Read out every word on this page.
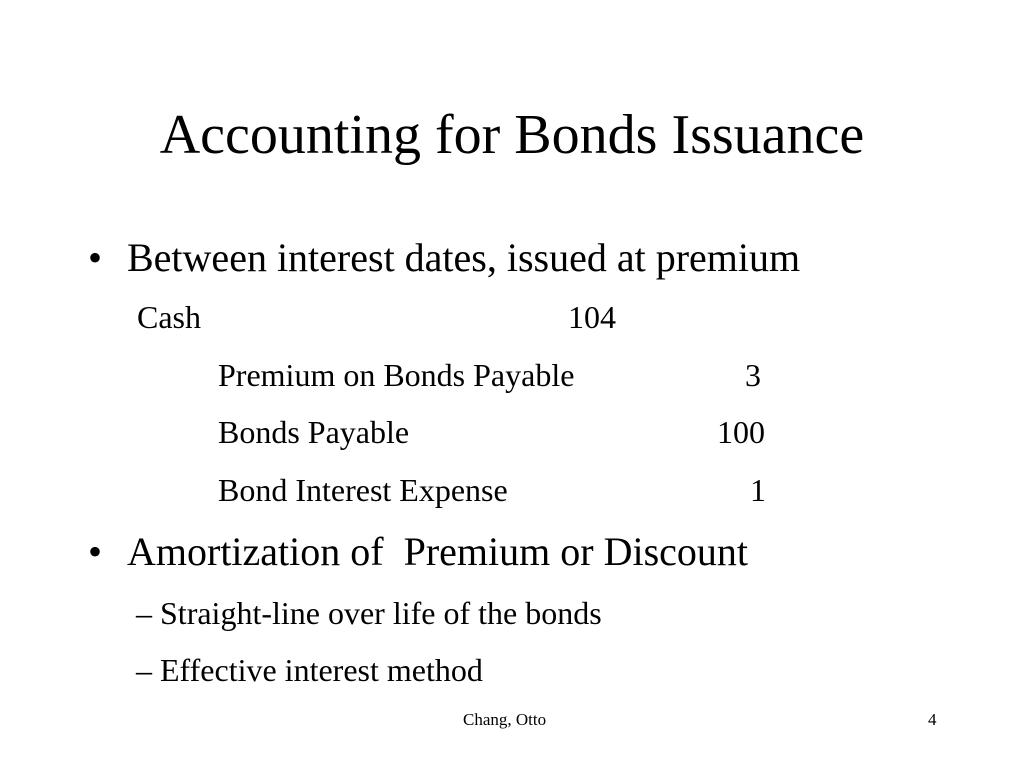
Accounting for Bonds Issuance
• Between interest dates, issued at premium
Cash	104
Premium on Bonds Payable	3
Bonds Payable	100
Bond Interest Expense	1
• Amortization of  Premium or Discount
– Straight-line over life of the bonds
– Effective interest method
Chang, Otto	4
